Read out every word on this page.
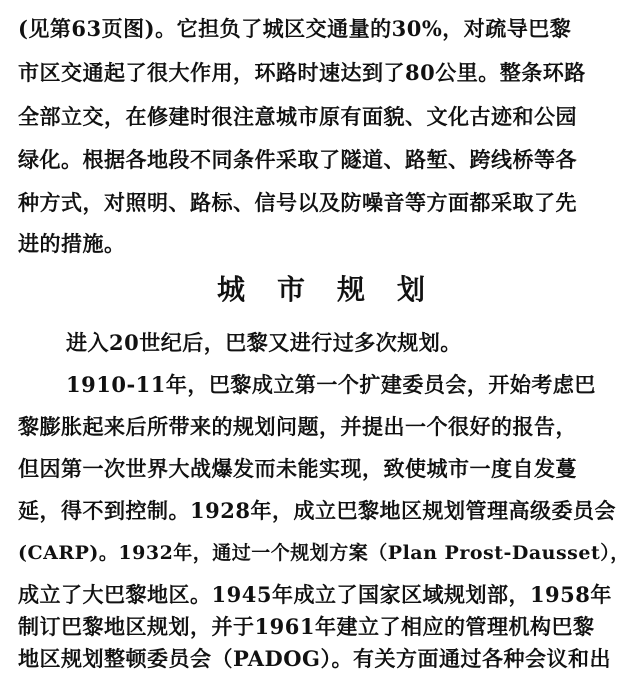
(见第63页图)。它担负了城区交通量的30%，对疏导巴黎
市区交通起了很大作用，环路时速达到了80公里。整条环路
全部立交，在修建时很注意城市原有面貌、文化古迹和公园
绿化。根据各地段不同条件采取了隧道、路堑、跨线桥等各
种方式，对照明、路标、信号以及防噪音等方面都采取了先
进的措施。
城市规划
进入20世纪后，巴黎又进行过多次规划。
1910-11年，巴黎成立第一个扩建委员会，开始考虑巴
黎膨胀起来后所带来的规划问题，并提出一个很好的报告，
但因第一次世界大战爆发而未能实现，致使城市一度自发蔓
延，得不到控制。1928年，成立巴黎地区规划管理高级委员会
(CARP)。1932年，通过一个规划方案（Plan Prost-Dausset），
成立了大巴黎地区。1945年成立了国家区域规划部，1958年
制订巴黎地区规划，并于1961年建立了相应的管理机构巴黎
地区规划整顿委员会（PADOG）。有关方面通过各种会议和出
